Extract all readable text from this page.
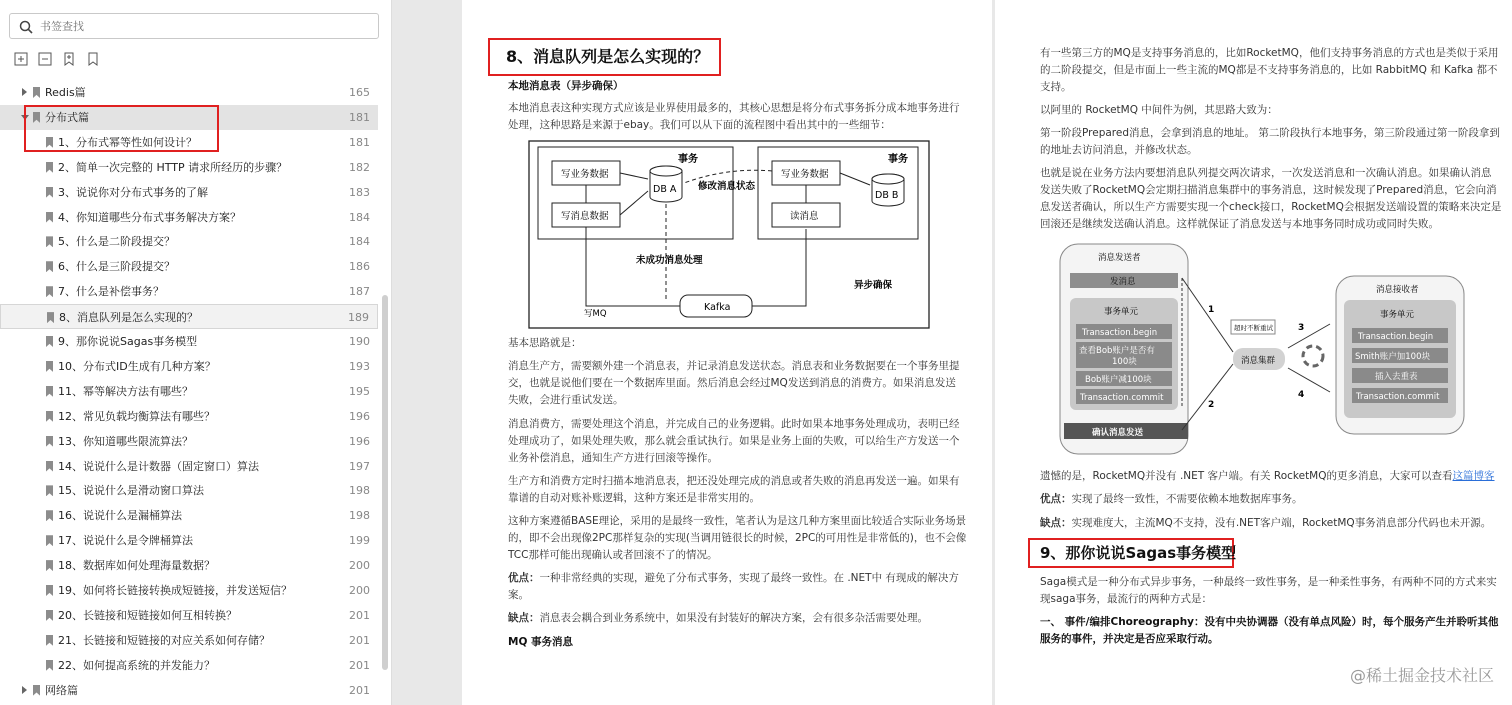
书签查找
Redis篇	165
分布式篇	181
1、分布式幂等性如何设计？	181
2、简单一次完整的 HTTP 请求所经历的步骤？	182
3、说说你对分布式事务的了解	183
4、你知道哪些分布式事务解决方案？	184
5、什么是二阶段提交？	184
6、什么是三阶段提交？	186
7、什么是补偿事务？	187
8、消息队列是怎么实现的？	189
9、那你说说Sagas事务模型	190
10、分布式ID生成有几种方案？	193
11、幂等解决方法有哪些？	195
12、常见负载均衡算法有哪些？	196
13、你知道哪些限流算法？	196
14、说说什么是计数器（固定窗口）算法	197
15、说说什么是滑动窗口算法	198
16、说说什么是漏桶算法	198
17、说说什么是令牌桶算法	199
18、数据库如何处理海量数据？	200
19、如何将长链接转换成短链接，并发送短信？	200
20、长链接和短链接如何互相转换？	201
21、长链接和短链接的对应关系如何存储？	201
22、如何提高系统的并发能力？	201
网络篇	201
8、消息队列是怎么实现的？
本地消息表（异步确保）
本地消息表这种实现方式应该是业界使用最多的，其核心思想是将分布式事务拆分成本地事务进行
处理，这种思路是来源于ebay。我们可以从下面的流程图中看出其中的一些细节：
事务	事务
写业务数据
写消息数据
DB A
写业务数据
读消息
DB B
修改消息状态
未成功消息处理
异步确保
Kafka
写MQ
基本思路就是：
消息生产方，需要额外建一个消息表，并记录消息发送状态。消息表和业务数据要在一个事务里提
交，也就是说他们要在一个数据库里面。然后消息会经过MQ发送到消息的消费方。如果消息发送
失败，会进行重试发送。
消息消费方，需要处理这个消息，并完成自己的业务逻辑。此时如果本地事务处理成功，表明已经
处理成功了，如果处理失败，那么就会重试执行。如果是业务上面的失败，可以给生产方发送一个
业务补偿消息，通知生产方进行回滚等操作。
生产方和消费方定时扫描本地消息表，把还没处理完成的消息或者失败的消息再发送一遍。如果有
靠谱的自动对账补账逻辑，这种方案还是非常实用的。
这种方案遵循BASE理论，采用的是最终一致性，笔者认为是这几种方案里面比较适合实际业务场景
的，即不会出现像2PC那样复杂的实现(当调用链很长的时候，2PC的可用性是非常低的)，也不会像
TCC那样可能出现确认或者回滚不了的情况。
优点：一种非常经典的实现，避免了分布式事务，实现了最终一致性。在 .NET中 有现成的解决方
案。
缺点：消息表会耦合到业务系统中，如果没有封装好的解决方案，会有很多杂活需要处理。
MQ 事务消息
有一些第三方的MQ是支持事务消息的，比如RocketMQ，他们支持事务消息的方式也是类似于采用
的二阶段提交，但是市面上一些主流的MQ都是不支持事务消息的，比如 RabbitMQ 和 Kafka 都不
支持。
以阿里的 RocketMQ 中间件为例，其思路大致为：
第一阶段Prepared消息，会拿到消息的地址。 第二阶段执行本地事务，第三阶段通过第一阶段拿到
的地址去访问消息，并修改状态。
也就是说在业务方法内要想消息队列提交两次请求，一次发送消息和一次确认消息。如果确认消息
发送失败了RocketMQ会定期扫描消息集群中的事务消息，这时候发现了Prepared消息，它会向消
息发送者确认，所以生产方需要实现一个check接口，RocketMQ会根据发送端设置的策略来决定是
回滚还是继续发送确认消息。这样就保证了消息发送与本地事务同时成功或同时失败。
消息发送者
发消息
事务单元
Transaction.begin
查看Bob账户是否有
100块
Bob账户减100块
Transaction.commit
确认消息发送
1
2
超时不断重试
消息集群
3
4
消息接收者
事务单元
Transaction.begin
Smith账户加100块
插入去重表
Transaction.commit
遗憾的是，RocketMQ并没有 .NET 客户端。有关 RocketMQ的更多消息，大家可以查看这篇博客
优点：实现了最终一致性，不需要依赖本地数据库事务。
缺点：实现难度大，主流MQ不支持，没有.NET客户端，RocketMQ事务消息部分代码也未开源。
9、那你说说Sagas事务模型
Saga模式是一种分布式异步事务，一种最终一致性事务，是一种柔性事务，有两种不同的方式来实
现saga事务，最流行的两种方式是：
一、 事件/编排Choreography：没有中央协调器（没有单点风险）时，每个服务产生并聆听其他
服务的事件，并决定是否应采取行动。
@稀土掘金技术社区
